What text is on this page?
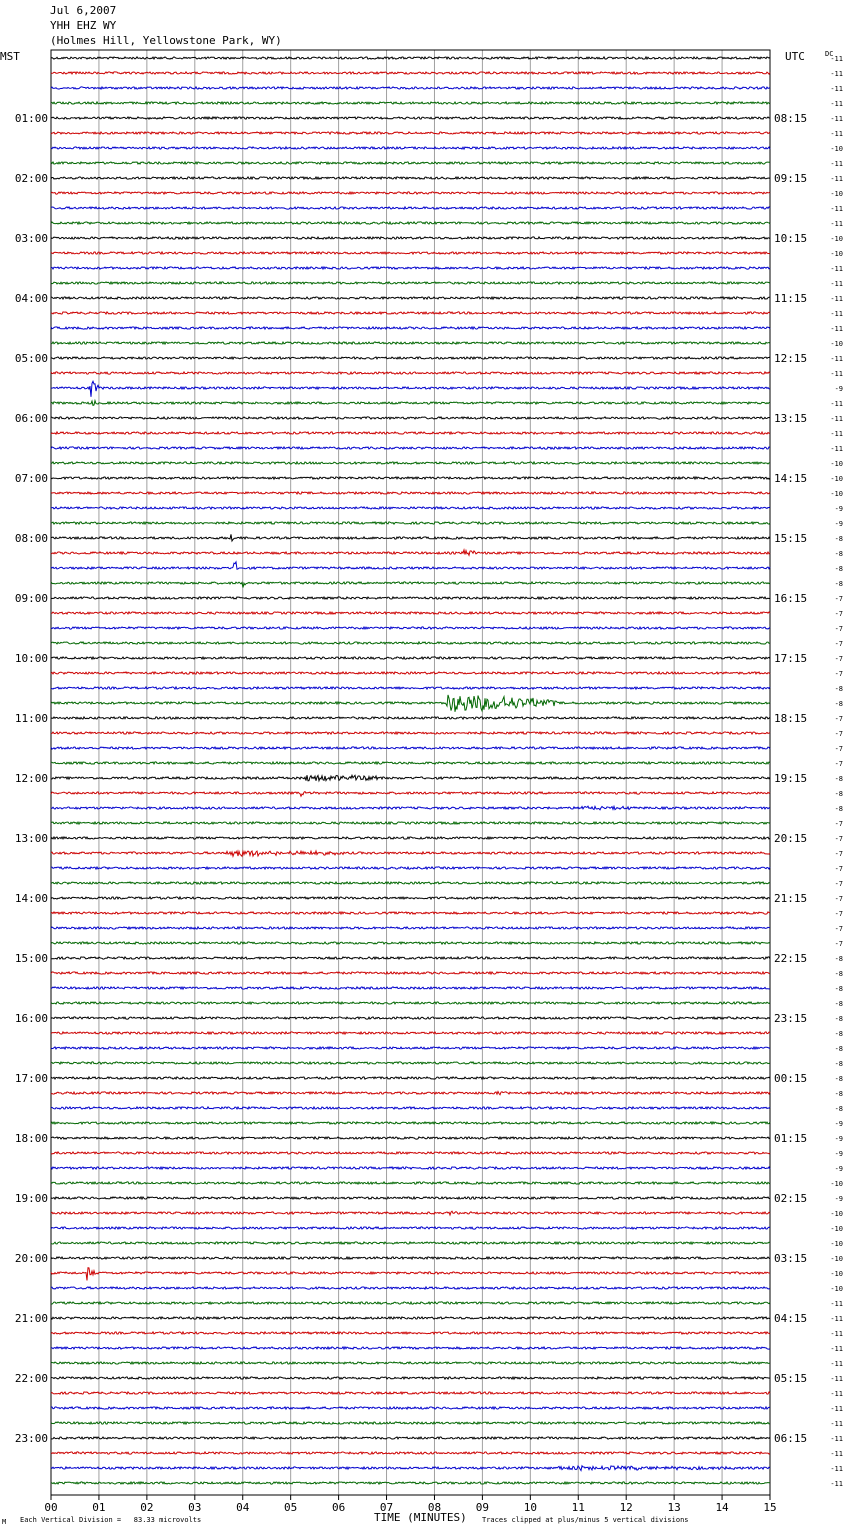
Jul 6,2007
YHH EHZ WY
(Holmes Hill, Yellowstone Park, WY)
MST	UTC	DC
00	01	02	03	04	05	06	07	08	09	10	11	12	13	14	15
-11
-11
-11
-11
-11
01:00	08:15
-11
-10
-11
-11
02:00	09:15
-10
-11
-11
-10
03:00	10:15
-10
-11
-11
-11
04:00	11:15
-11
-11
-10
-11
05:00	12:15
-11
-9
-11
-11
06:00	13:15
-11
-11
-10
-10
07:00	14:15
-10
-9
-9
-8
08:00	15:15
-8
-8
-8
-7
09:00	16:15
-7
-7
-7
-7
10:00	17:15
-7
-8
-8
-7
11:00	18:15
-7
-7
-7
-8
12:00	19:15
-8
-8
-7
-7
13:00	20:15
-7
-7
-7
-7
14:00	21:15
-7
-7
-7
-8
15:00	22:15
-8
-8
-8
-8
16:00	23:15
-8
-8
-8
-8
17:00	00:15
-8
-8
-9
-9
18:00	01:15
-9
-9
-10
-9
19:00	02:15
-10
-10
-10
-10
20:00	03:15
-10
-10
-11
-11
21:00	04:15
-11
-11
-11
-11
22:00	05:15
-11
-11
-11
-11
23:00	06:15
-11
-11
-11
M Each Vertical Division =   83.33 microvolts	TIME (MINUTES) Traces clipped at plus/minus 5 vertical divisions
